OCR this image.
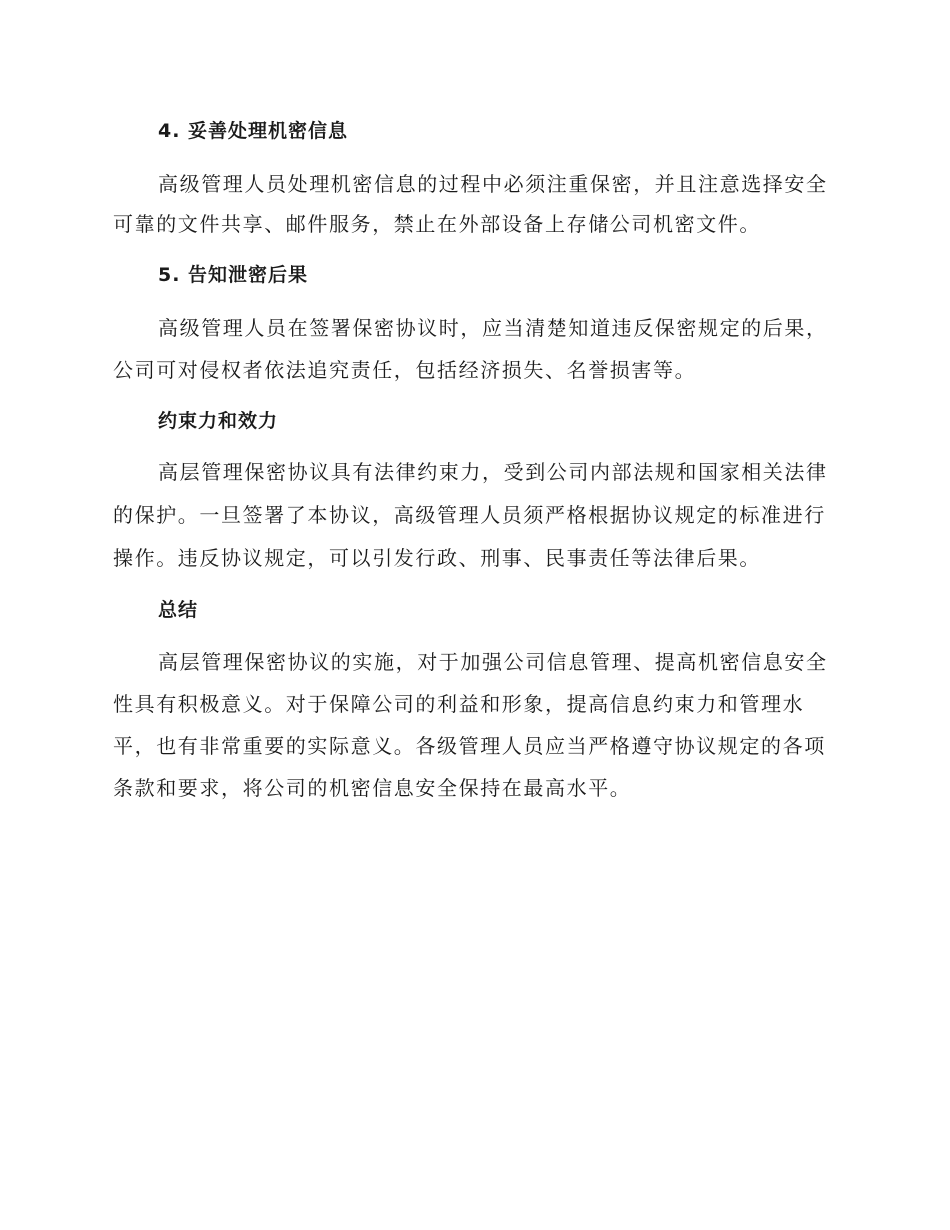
4. 妥善处理机密信息
高级管理人员处理机密信息的过程中必须注重保密，并且注意选择安全
可靠的文件共享、邮件服务，禁止在外部设备上存储公司机密文件。
5. 告知泄密后果
高级管理人员在签署保密协议时，应当清楚知道违反保密规定的后果，
公司可对侵权者依法追究责任，包括经济损失、名誉损害等。
约束力和效力
高层管理保密协议具有法律约束力，受到公司内部法规和国家相关法律
的保护。一旦签署了本协议，高级管理人员须严格根据协议规定的标准进行
操作。违反协议规定，可以引发行政、刑事、民事责任等法律后果。
总结
高层管理保密协议的实施，对于加强公司信息管理、提高机密信息安全
性具有积极意义。对于保障公司的利益和形象，提高信息约束力和管理水
平，也有非常重要的实际意义。各级管理人员应当严格遵守协议规定的各项
条款和要求，将公司的机密信息安全保持在最高水平。
